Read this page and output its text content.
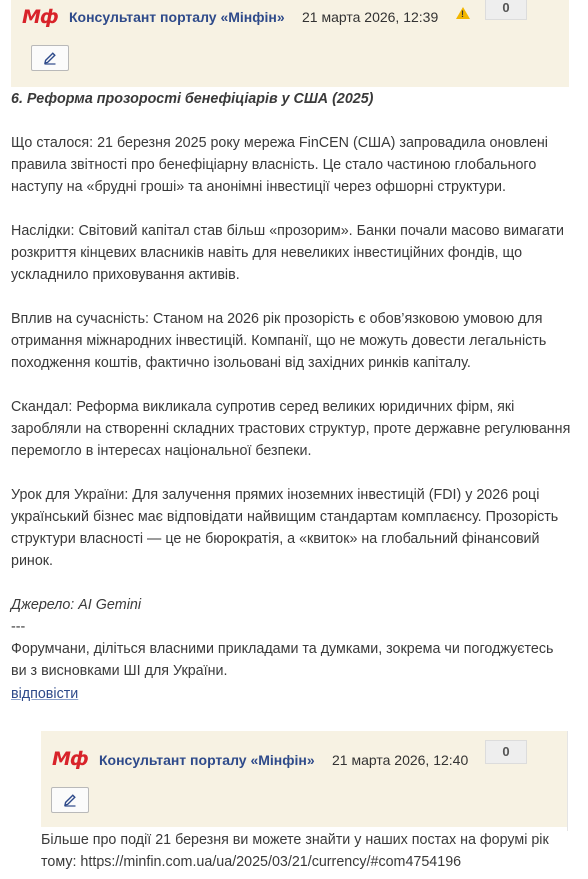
Мф Консультант порталу «Мінфін» 21 марта 2026, 12:39	!	0

6. Реформа прозорості бенефіціарів у США (2025)

Що сталося: 21 березня 2025 року мережа FinCEN (США) запровадила оновлені правила звітності про бенефіціарну власність. Це стало частиною глобального наступу на «брудні гроші» та анонімні інвестиції через офшорні структури.

Наслідки: Світовий капітал став більш «прозорим». Банки почали масово вимагати розкриття кінцевих власників навіть для невеликих інвестиційних фондів, що ускладнило приховування активів.

Вплив на сучасність: Станом на 2026 рік прозорість є обов’язковою умовою для отримання міжнародних інвестицій. Компанії, що не можуть довести легальність походження коштів, фактично ізольовані від західних ринків капіталу.

Скандал: Реформа викликала супротив серед великих юридичних фірм, які заробляли на створенні складних трастових структур, проте державне регулювання перемогло в інтересах національної безпеки.

Урок для України: Для залучення прямих іноземних інвестицій (FDI) у 2026 році український бізнес має відповідати найвищим стандартам комплаєнсу. Прозорість структури власності — це не бюрократія, а «квиток» на глобальний фінансовий ринок.

Джерело: AI Gemini

---

Форумчани, діліться власними прикладами та думками, зокрема чи погоджуєтесь ви з висновками ШІ для України.

відповісти
Мф Консультант порталу «Мінфін» 21 марта 2026, 12:40
0

Більше про події 21 березня ви можете знайти у наших постах на форумі рік тому: https://minfin.com.ua/ua/2025/03/21/currency/#com4754196
